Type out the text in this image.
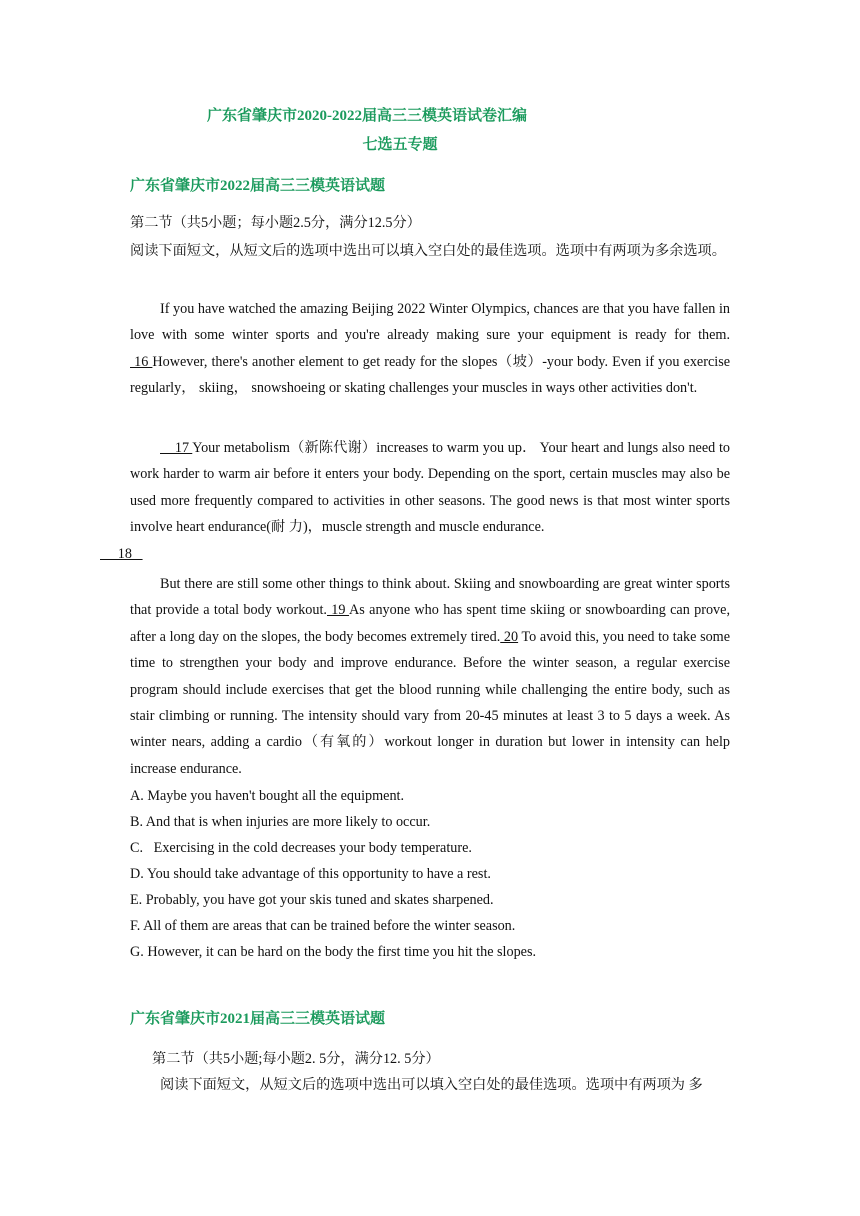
广东省肇庆市2020-2022届高三三模英语试卷汇编
七选五专题
广东省肇庆市2022届高三三模英语试题
第二节（共5小题；每小题2.5分，满分12.5分）
阅读下面短文，从短文后的选项中选出可以填入空白处的最佳选项。选项中有两项为多余选项。
If you have watched the amazing Beijing 2022 Winter Olympics, chances are that you have fallen in love with some winter sports and you're already making sure your equipment is ready for them. 16 However, there's another element to get ready for the slopes（坡）-your body. Even if you exercise regularly， skiing， snowshoeing or skating challenges your muscles in ways other activities don't.
17 Your metabolism（新陈代谢）increases to warm you up． Your heart and lungs also need to work harder to warm air before it enters your body. Depending on the sport, certain muscles may also be used more frequently compared to activities in other seasons. The good news is that most winter sports involve heart endurance(耐 力)，muscle strength and muscle endurance.
18
But there are still some other things to think about. Skiing and snowboarding are great winter sports that provide a total body workout. 19 As anyone who has spent time skiing or snowboarding can prove, after a long day on the slopes, the body becomes extremely tired. 20 To avoid this, you need to take some time to strengthen your body and improve endurance. Before the winter season, a regular exercise program should include exercises that get the blood running while challenging the entire body, such as stair climbing or running. The intensity should vary from 20-45 minutes at least 3 to 5 days a week. As winter nears, adding a cardio（有氧的）workout longer in duration but lower in intensity can help increase endurance.
A. Maybe you haven't bought all the equipment.
B. And that is when injuries are more likely to occur.
C.   Exercising in the cold decreases your body temperature.
D. You should take advantage of this opportunity to have a rest.
E. Probably, you have got your skis tuned and skates sharpened.
F. All of them are areas that can be trained before the winter season.
G. However, it can be hard on the body the first time you hit the slopes.
广东省肇庆市2021届高三三模英语试题
第二节（共5小题;每小题2. 5分，满分12. 5分）
阅读下面短文，从短文后的选项中选出可以填入空白处的最佳选项。选项中有两项为 多
